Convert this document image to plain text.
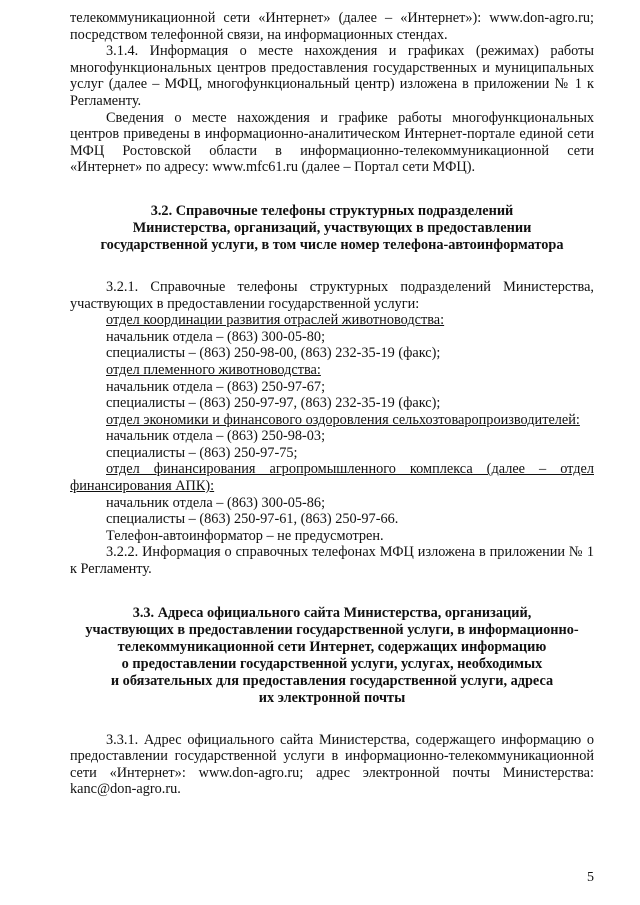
телекоммуникационной сети «Интернет» (далее – «Интернет»): www.don-agro.ru; посредством телефонной связи, на информационных стендах.

3.1.4. Информация о месте нахождения и графиках (режимах) работы многофункциональных центров предоставления государственных и муниципальных услуг (далее – МФЦ, многофункциональный центр) изложена в приложении № 1 к Регламенту.

Сведения о месте нахождения и графике работы многофункциональных центров приведены в информационно-аналитическом Интернет-портале единой сети МФЦ Ростовской области в информационно-телекоммуникационной сети «Интернет» по адресу: www.mfc61.ru (далее – Портал сети МФЦ).

3.2. Справочные телефоны структурных подразделений
Министерства, организаций, участвующих в предоставлении
государственной услуги, в том числе номер телефона-автоинформатора

3.2.1. Справочные телефоны структурных подразделений Министерства, участвующих в предоставлении государственной услуги:

отдел координации развития отраслей животноводства:

начальник отдела – (863) 300-05-80;

специалисты – (863) 250-98-00, (863) 232-35-19 (факс);

отдел племенного животноводства:

начальник отдела – (863) 250-97-67;

специалисты – (863) 250-97-97, (863) 232-35-19 (факс);

отдел экономики и финансового оздоровления сельхозтоваропроизводителей:

начальник отдела – (863) 250-98-03;

специалисты – (863) 250-97-75;

отдел финансирования агропромышленного комплекса (далее – отдел финансирования АПК):

начальник отдела – (863) 300-05-86;

специалисты – (863) 250-97-61, (863) 250-97-66.

Телефон-автоинформатор – не предусмотрен.

3.2.2. Информация о справочных телефонах МФЦ изложена в приложении № 1 к Регламенту.

3.3. Адреса официального сайта Министерства, организаций,
участвующих в предоставлении государственной услуги, в информационно-
телекоммуникационной сети Интернет, содержащих информацию
о предоставлении государственной услуги, услугах, необходимых
и обязательных для предоставления государственной услуги, адреса
их электронной почты

3.3.1. Адрес официального сайта Министерства, содержащего информацию о предоставлении государственной услуги в информационно-телекоммуникационной сети «Интернет»: www.don-agro.ru; адрес электронной почты Министерства: kanc@don-agro.ru.

5
